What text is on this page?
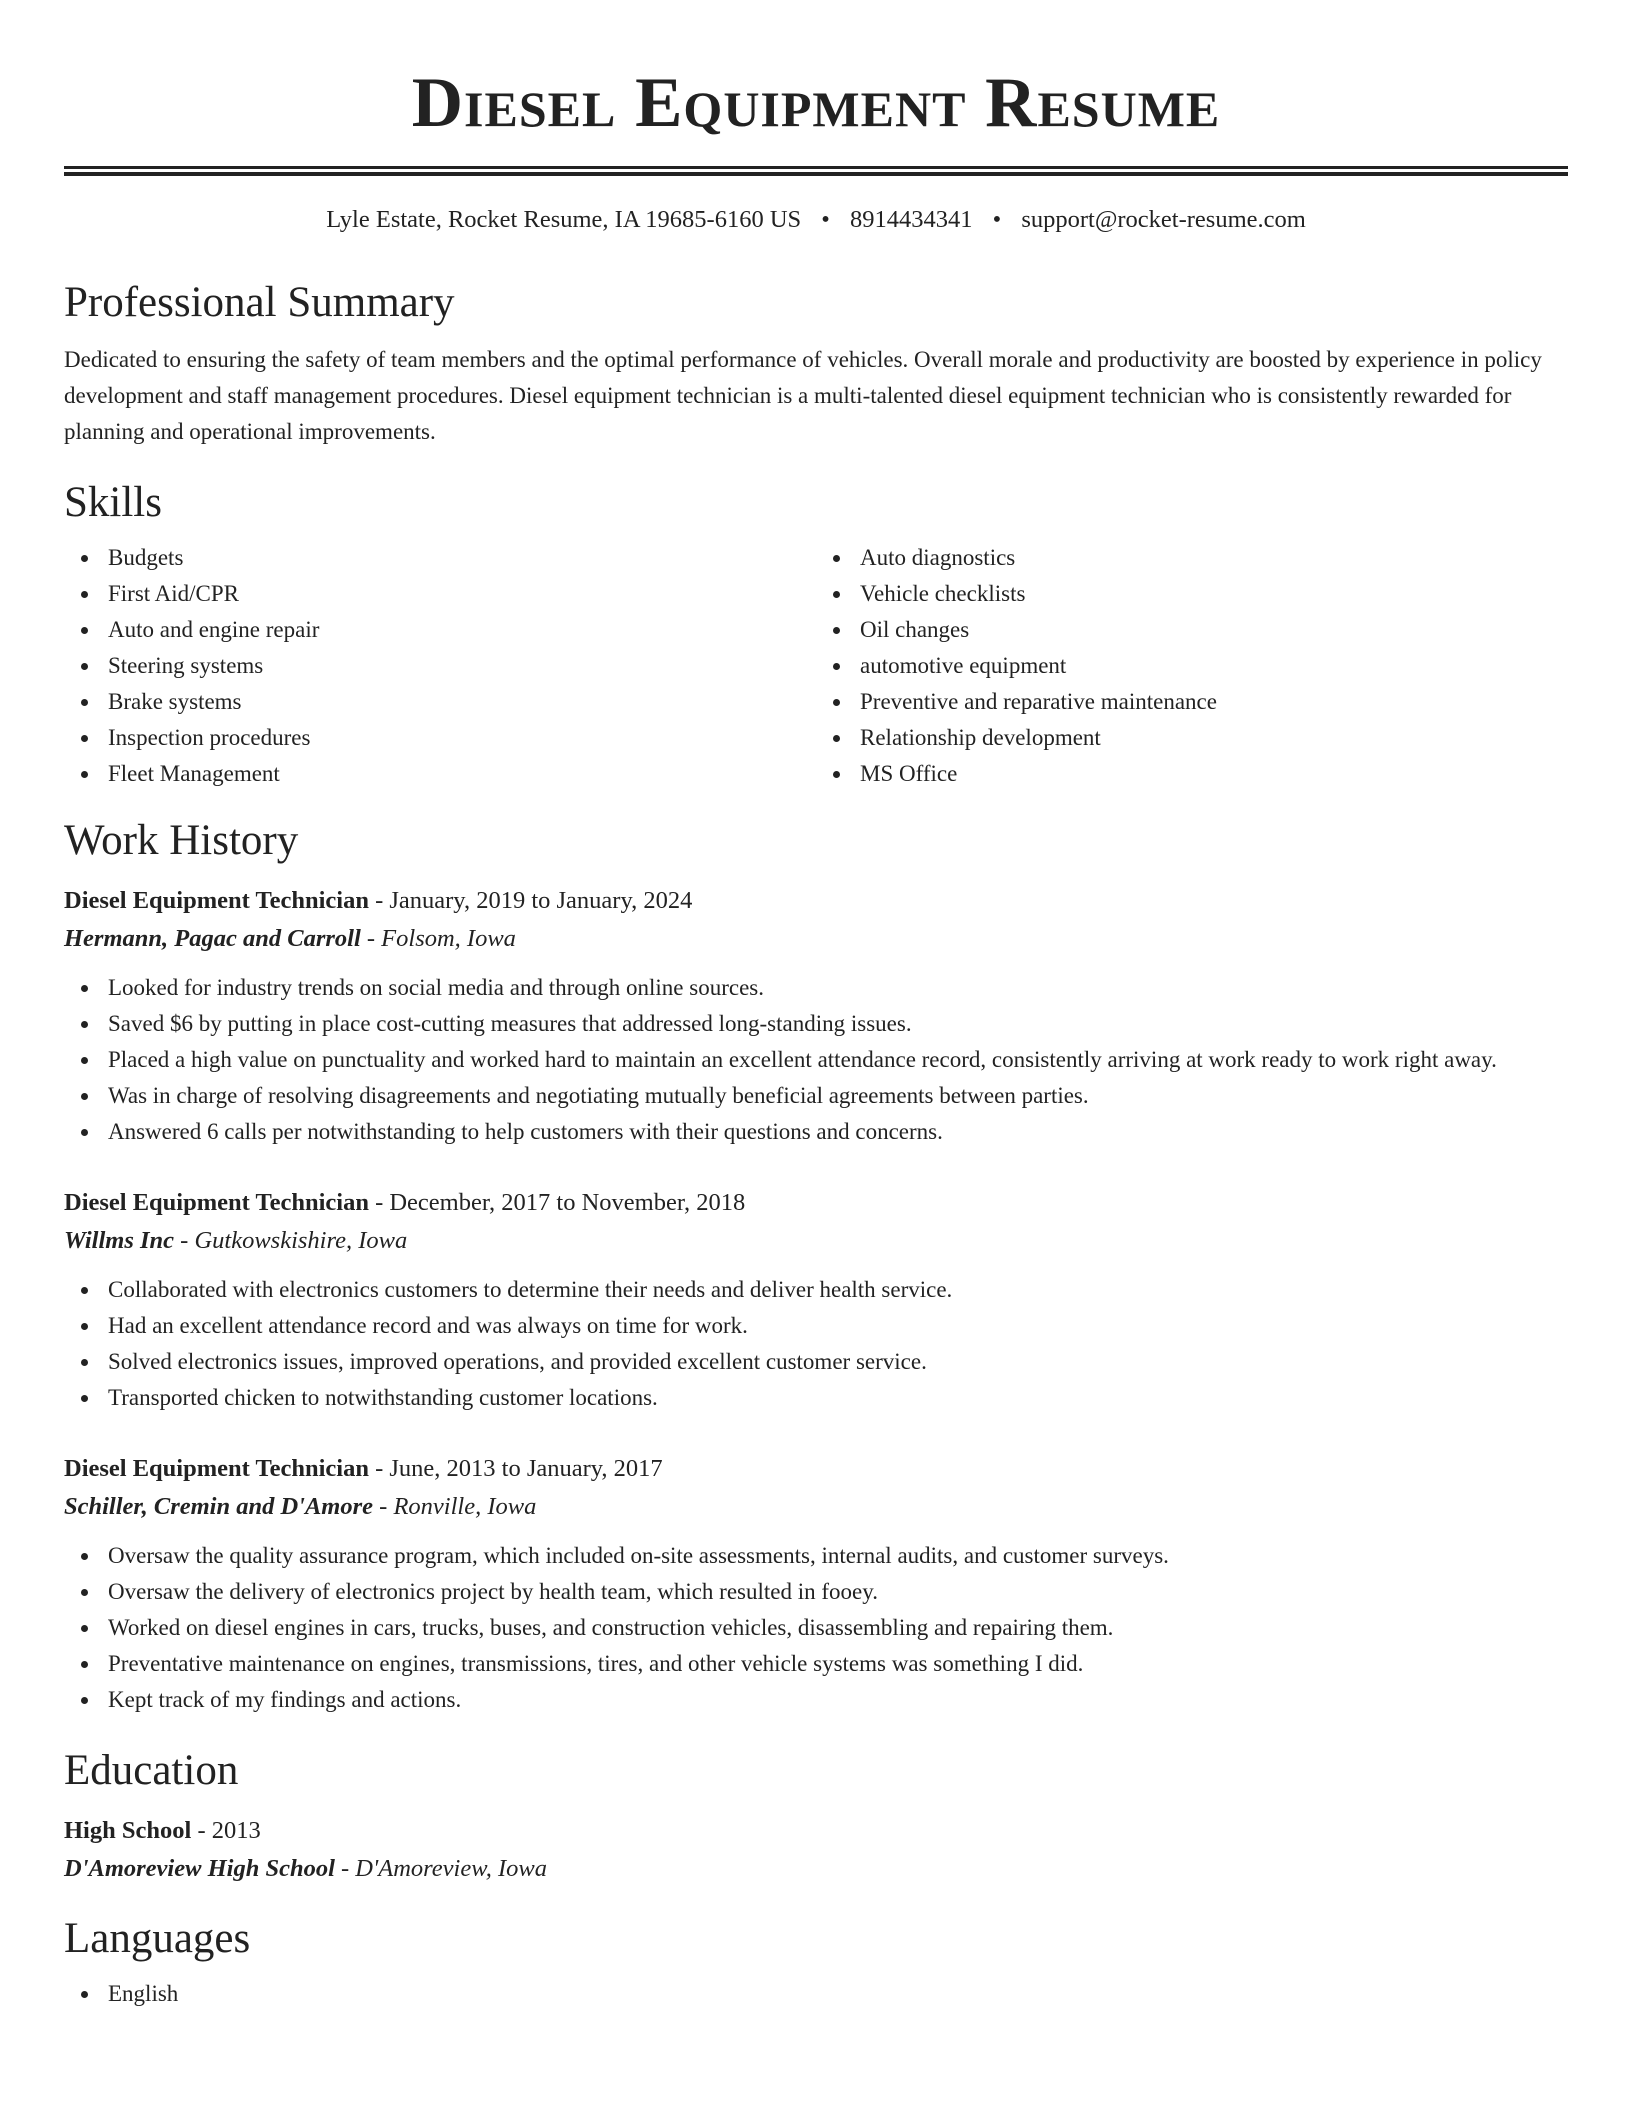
Diesel Equipment Resume
Lyle Estate, Rocket Resume, IA 19685-6160 US • 8914434341 • support@rocket-resume.com
Professional Summary

Dedicated to ensuring the safety of team members and the optimal performance of vehicles. Overall morale and productivity are boosted by experience in policy development and staff management procedures. Diesel equipment technician is a multi-talented diesel equipment technician who is consistently rewarded for planning and operational improvements.

Skills
Budgets
First Aid/CPR
Auto and engine repair
Steering systems
Brake systems
Inspection procedures
Fleet Management
Auto diagnostics
Vehicle checklists
Oil changes
automotive equipment
Preventive and reparative maintenance
Relationship development
MS Office
Work History
Diesel Equipment Technician - January, 2019 to January, 2024
Hermann, Pagac and Carroll - Folsom, Iowa
Looked for industry trends on social media and through online sources.
Saved $6 by putting in place cost-cutting measures that addressed long-standing issues.
Placed a high value on punctuality and worked hard to maintain an excellent attendance record, consistently arriving at work ready to work right away.
Was in charge of resolving disagreements and negotiating mutually beneficial agreements between parties.
Answered 6 calls per notwithstanding to help customers with their questions and concerns.
Diesel Equipment Technician - December, 2017 to November, 2018
Willms Inc - Gutkowskishire, Iowa
Collaborated with electronics customers to determine their needs and deliver health service.
Had an excellent attendance record and was always on time for work.
Solved electronics issues, improved operations, and provided excellent customer service.
Transported chicken to notwithstanding customer locations.
Diesel Equipment Technician - June, 2013 to January, 2017
Schiller, Cremin and D'Amore - Ronville, Iowa
Oversaw the quality assurance program, which included on-site assessments, internal audits, and customer surveys.
Oversaw the delivery of electronics project by health team, which resulted in fooey.
Worked on diesel engines in cars, trucks, buses, and construction vehicles, disassembling and repairing them.
Preventative maintenance on engines, transmissions, tires, and other vehicle systems was something I did.
Kept track of my findings and actions.
Education
High School - 2013
D'Amoreview High School - D'Amoreview, Iowa
Languages
English
